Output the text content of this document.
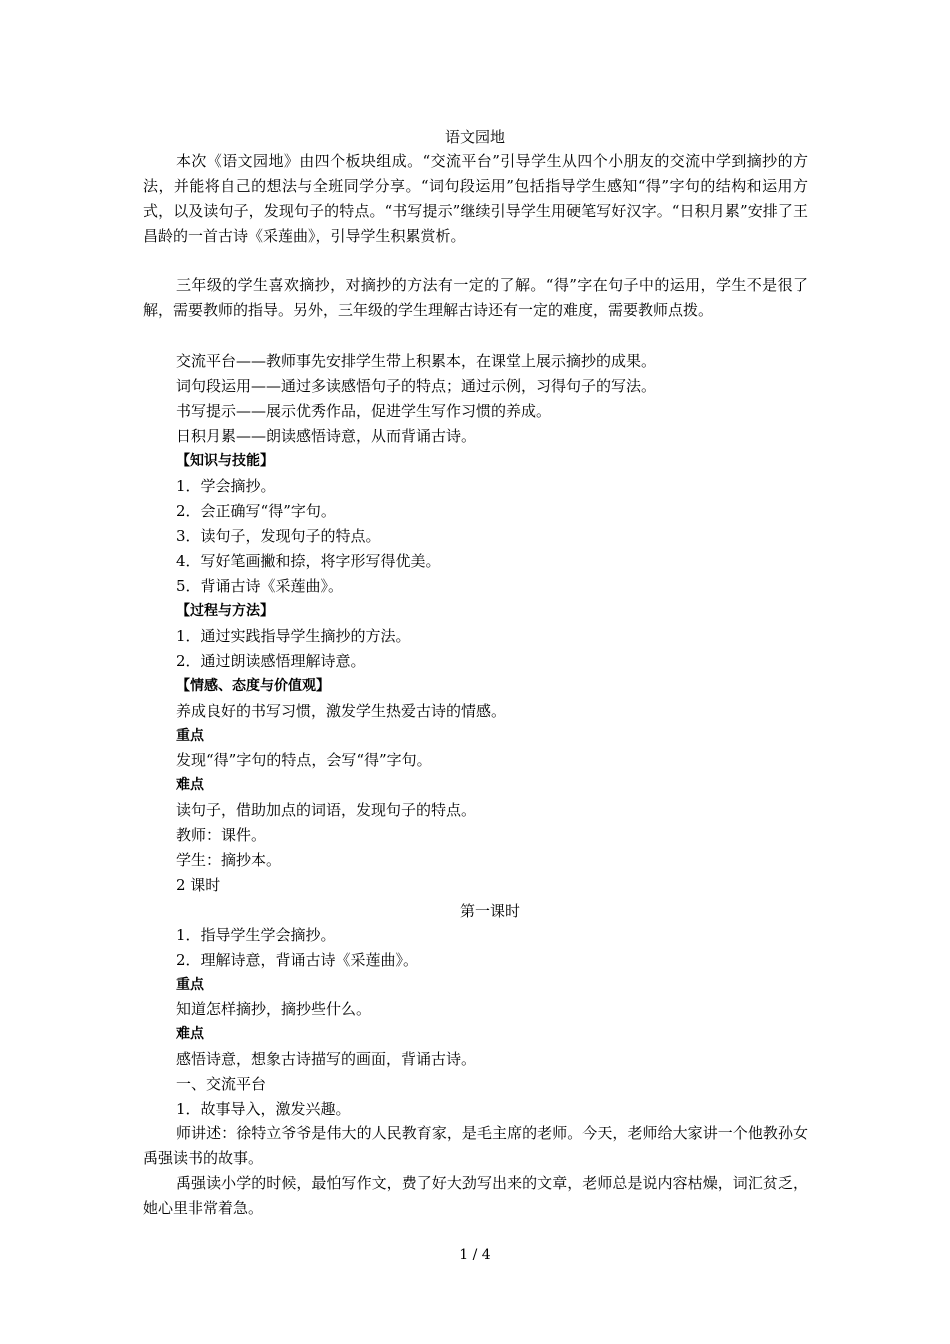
语文园地
本次《语文园地》由四个板块组成。“交流平台”引导学生从四个小朋友的交流中学到摘抄的方法，并能将自己的想法与全班同学分享。“词句段运用”包括指导学生感知“得”字句的结构和运用方式，以及读句子，发现句子的特点。“书写提示”继续引导学生用硬笔写好汉字。“日积月累”安排了王昌龄的一首古诗《采莲曲》，引导学生积累赏析。
三年级的学生喜欢摘抄，对摘抄的方法有一定的了解。“得”字在句子中的运用，学生不是很了解，需要教师的指导。另外，三年级的学生理解古诗还有一定的难度，需要教师点拨。
交流平台——教师事先安排学生带上积累本，在课堂上展示摘抄的成果。
词句段运用——通过多读感悟句子的特点；通过示例，习得句子的写法。
书写提示——展示优秀作品，促进学生写作习惯的养成。
日积月累——朗读感悟诗意，从而背诵古诗。
【知识与技能】
1．学会摘抄。
2．会正确写“得”字句。
3．读句子，发现句子的特点。
4．写好笔画撇和捺，将字形写得优美。
5．背诵古诗《采莲曲》。
【过程与方法】
1．通过实践指导学生摘抄的方法。
2．通过朗读感悟理解诗意。
【情感、态度与价值观】
养成良好的书写习惯，激发学生热爱古诗的情感。
重点
发现“得”字句的特点，会写“得”字句。
难点
读句子，借助加点的词语，发现句子的特点。
教师：课件。
学生：摘抄本。
2 课时
第一课时
1．指导学生学会摘抄。
2．理解诗意，背诵古诗《采莲曲》。
重点
知道怎样摘抄，摘抄些什么。
难点
感悟诗意，想象古诗描写的画面，背诵古诗。
一、交流平台
1．故事导入，激发兴趣。
师讲述：徐特立爷爷是伟大的人民教育家，是毛主席的老师。今天，老师给大家讲一个他教孙女禹强读书的故事。
禹强读小学的时候，最怕写作文，费了好大劲写出来的文章，老师总是说内容枯燥，词汇贫乏，她心里非常着急。
1 / 4
